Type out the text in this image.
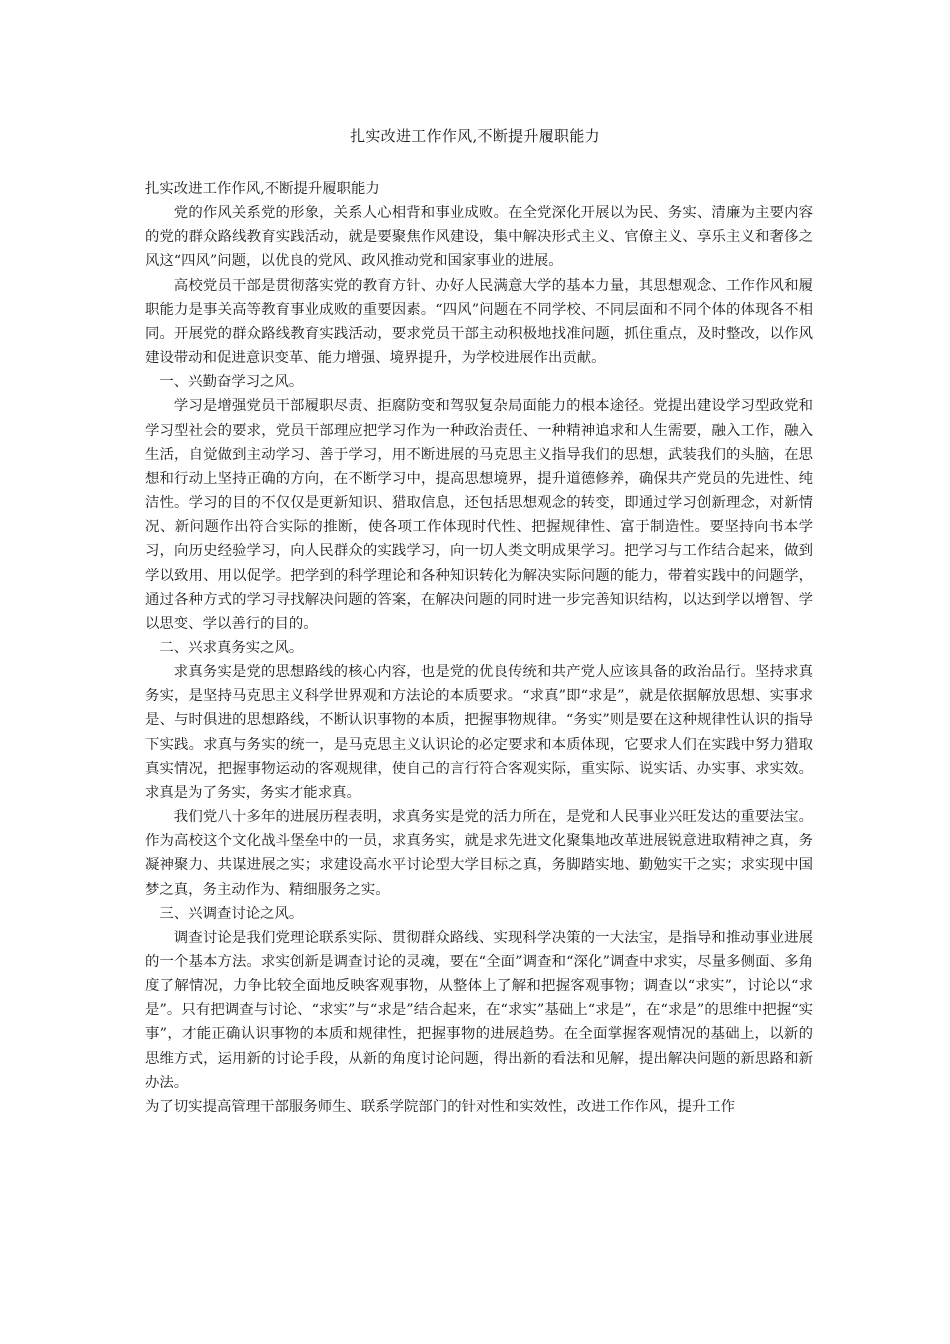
扎实改进工作作风,不断提升履职能力

扎实改进工作作风,不断提升履职能力

党的作风关系党的形象，关系人心相背和事业成败。在全党深化开展以为民、务实、清廉为主要内容的党的群众路线教育实践活动，就是要聚焦作风建设，集中解决形式主义、官僚主义、享乐主义和奢侈之风这“四风”问题，以优良的党风、政风推动党和国家事业的进展。

高校党员干部是贯彻落实党的教育方针、办好人民满意大学的基本力量，其思想观念、工作作风和履职能力是事关高等教育事业成败的重要因素。“四风”问题在不同学校、不同层面和不同个体的体现各不相同。开展党的群众路线教育实践活动，要求党员干部主动积极地找准问题，抓住重点，及时整改，以作风建设带动和促进意识变革、能力增强、境界提升，为学校进展作出贡献。

一、兴勤奋学习之风。

学习是增强党员干部履职尽责、拒腐防变和驾驭复杂局面能力的根本途径。党提出建设学习型政党和学习型社会的要求，党员干部理应把学习作为一种政治责任、一种精神追求和人生需要，融入工作，融入生活，自觉做到主动学习、善于学习，用不断进展的马克思主义指导我们的思想，武装我们的头脑，在思想和行动上坚持正确的方向，在不断学习中，提高思想境界，提升道德修养，确保共产党员的先进性、纯洁性。学习的目的不仅仅是更新知识、猎取信息，还包括思想观念的转变，即通过学习创新理念，对新情况、新问题作出符合实际的推断，使各项工作体现时代性、把握规律性、富于制造性。要坚持向书本学习，向历史经验学习，向人民群众的实践学习，向一切人类文明成果学习。把学习与工作结合起来，做到学以致用、用以促学。把学到的科学理论和各种知识转化为解决实际问题的能力，带着实践中的问题学，通过各种方式的学习寻找解决问题的答案，在解决问题的同时进一步完善知识结构，以达到学以增智、学以思变、学以善行的目的。

二、兴求真务实之风。

求真务实是党的思想路线的核心内容，也是党的优良传统和共产党人应该具备的政治品行。坚持求真务实，是坚持马克思主义科学世界观和方法论的本质要求。“求真”即“求是”，就是依据解放思想、实事求是、与时俱进的思想路线，不断认识事物的本质，把握事物规律。“务实”则是要在这种规律性认识的指导下实践。求真与务实的统一，是马克思主义认识论的必定要求和本质体现，它要求人们在实践中努力猎取真实情况，把握事物运动的客观规律，使自己的言行符合客观实际，重实际、说实话、办实事、求实效。求真是为了务实，务实才能求真。

我们党八十多年的进展历程表明，求真务实是党的活力所在，是党和人民事业兴旺发达的重要法宝。作为高校这个文化战斗堡垒中的一员，求真务实，就是求先进文化聚集地改革进展锐意进取精神之真，务凝神聚力、共谋进展之实；求建设高水平讨论型大学目标之真，务脚踏实地、勤勉实干之实；求实现中国梦之真，务主动作为、精细服务之实。

三、兴调查讨论之风。

调查讨论是我们党理论联系实际、贯彻群众路线、实现科学决策的一大法宝，是指导和推动事业进展的一个基本方法。求实创新是调查讨论的灵魂，要在“全面”调查和“深化”调查中求实，尽量多侧面、多角度了解情况，力争比较全面地反映客观事物，从整体上了解和把握客观事物；调查以“求实”，讨论以“求是”。只有把调查与讨论、“求实”与“求是”结合起来，在“求实”基础上“求是”，在“求是”的思维中把握“实事”，才能正确认识事物的本质和规律性，把握事物的进展趋势。在全面掌握客观情况的基础上，以新的思维方式，运用新的讨论手段，从新的角度讨论问题，得出新的看法和见解，提出解决问题的新思路和新办法。

为了切实提高管理干部服务师生、联系学院部门的针对性和实效性，改进工作作风，提升工作
